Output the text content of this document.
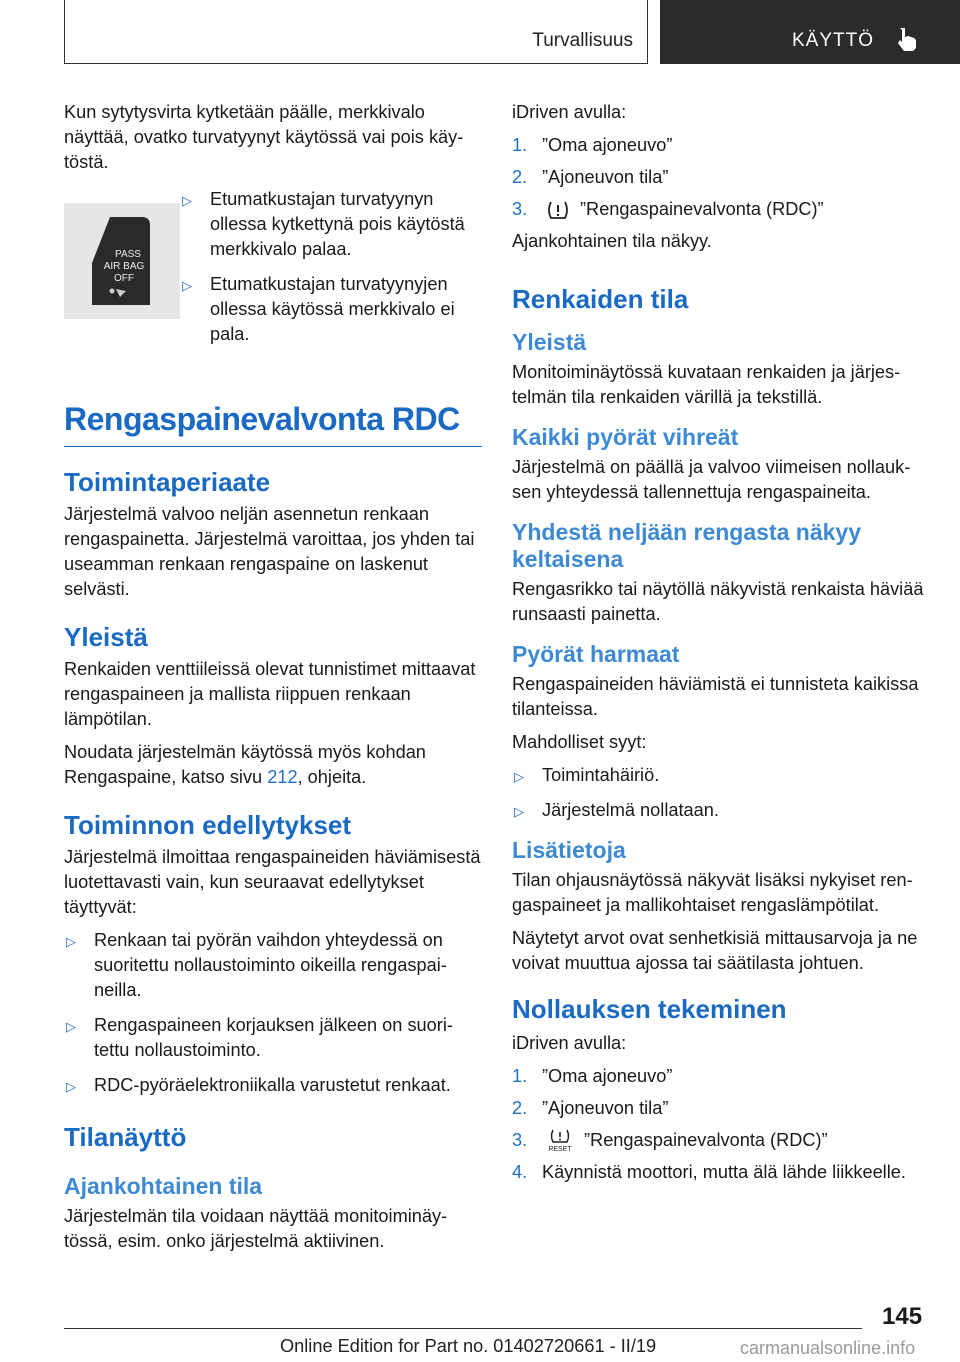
Turvallisuus	KÄYTTÖ

Kun sytytysvirta kytketään päälle, merkkivalo näyttää, ovatko turvatyynyt käytössä vai pois käytöstä.

PASS
AIR BAG
OFF
▷ Etumatkustajan turvatyynyn ollessa kytkettynä pois käytöstä merkkivalo palaa.
▷ Etumatkustajan turvatyynyjen ollessa käytössä merkkivalo ei pala.
Rengaspainevalvonta RDC
Toimintaperiaate

Järjestelmä valvoo neljän asennetun renkaan rengaspainetta. Järjestelmä varoittaa, jos yhden tai useamman renkaan rengaspaine on laskenut selvästi.

Yleistä

Renkaiden venttiileissä olevat tunnistimet mittaavat rengaspaineen ja mallista riippuen renkaan lämpötilan.

Noudata järjestelmän käytössä myös kohdan Rengaspaine, katso sivu 212, ohjeita.

Toiminnon edellytykset

Järjestelmä ilmoittaa rengaspaineiden häviämisestä luotettavasti vain, kun seuraavat edellytykset täyttyvät:

▷ Renkaan tai pyörän vaihdon yhteydessä on suoritettu nollaustoiminto oikeilla rengaspaineilla.
▷ Rengaspaineen korjauksen jälkeen on suoritettu nollaustoiminto.
▷ RDC-pyöräelektroniikalla varustetut renkaat.
Tilanäyttö
Ajankohtainen tila

Järjestelmän tila voidaan näyttää monitoiminäytössä, esim. onko järjestelmä aktiivinen.

iDriven avulla:

1. ”Oma ajoneuvo”
2. ”Ajoneuvon tila”
3.	”Rengaspainevalvonta (RDC)”

Ajankohtainen tila näkyy.

Renkaiden tila
Yleistä

Monitoiminäytössä kuvataan renkaiden ja järjestelmän tila renkaiden värillä ja tekstillä.

Kaikki pyörät vihreät

Järjestelmä on päällä ja valvoo viimeisen nollauksen yhteydessä tallennettuja rengaspaineita.

Yhdestä neljään rengasta näkyy keltaisena

Rengasrikko tai näytöllä näkyvistä renkaista häviää runsaasti painetta.

Pyörät harmaat

Rengaspaineiden häviämistä ei tunnisteta kaikissa tilanteissa.

Mahdolliset syyt:

▷ Toimintahäiriö.
▷ Järjestelmä nollataan.
Lisätietoja

Tilan ohjausnäytössä näkyvät lisäksi nykyiset rengaspaineet ja mallikohtaiset rengaslämpötilat.

Näytetyt arvot ovat senhetkisiä mittausarvoja ja ne voivat muuttua ajossa tai säätilasta johtuen.

Nollauksen tekeminen

iDriven avulla:

1. ”Oma ajoneuvo”
2. ”Ajoneuvon tila”
3.	RESET ”Rengaspainevalvonta (RDC)”
4. Käynnistä moottori, mutta älä lähde liikkeelle.
145
Online Edition for Part no. 01402720661 - II/19	carmanualsonline.info
